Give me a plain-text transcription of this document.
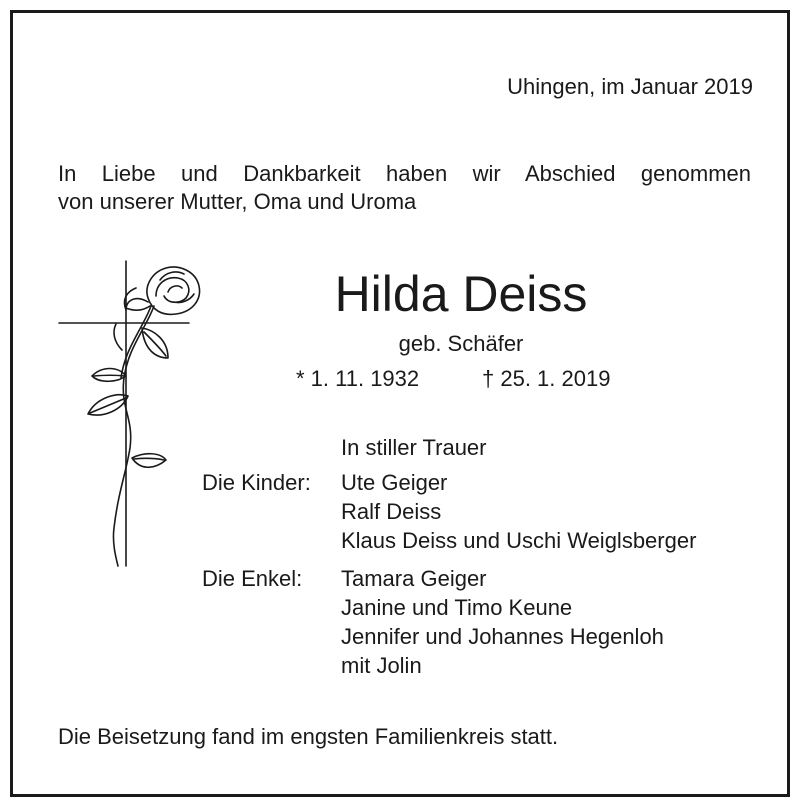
Uhingen, im Januar 2019
In Liebe und Dankbarkeit haben wir Abschied genommen
von unserer Mutter, Oma und Uroma
Hilda Deiss
geb. Schäfer
* 1. 11. 1932	† 25. 1. 2019
In stiller Trauer
Die Kinder: Ute Geiger
Ralf Deiss
Klaus Deiss und Uschi Weiglsberger
Die Enkel: Tamara Geiger
Janine und Timo Keune
Jennifer und Johannes Hegenloh
mit Jolin
Die Beisetzung fand im engsten Familienkreis statt.
